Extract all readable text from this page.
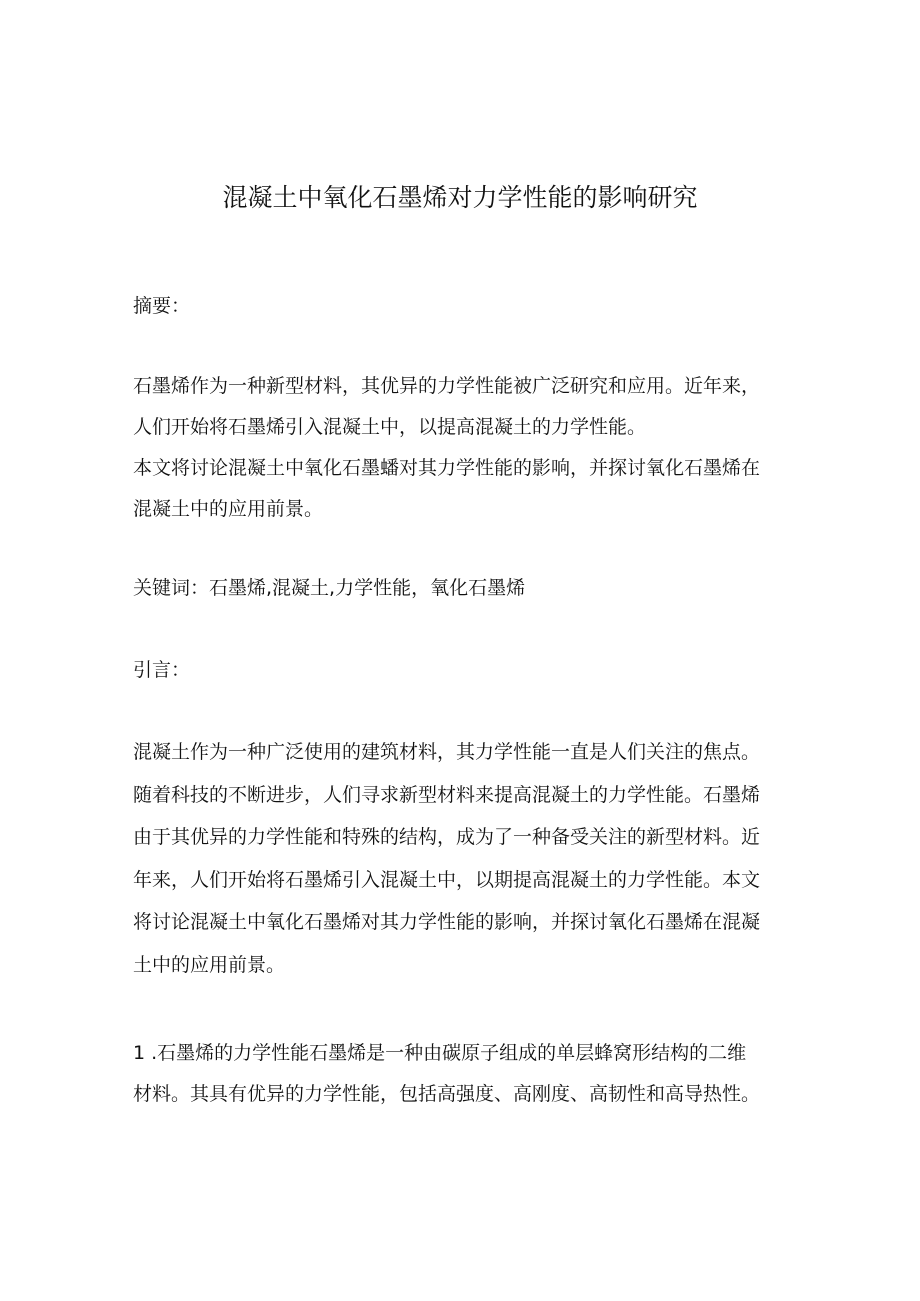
混凝土中氧化石墨烯对力学性能的影响研究

摘要：

石墨烯作为一种新型材料，其优异的力学性能被广泛研究和应用。近年来，
人们开始将石墨烯引入混凝土中，以提高混凝土的力学性能。

本文将讨论混凝土中氧化石墨蟠对其力学性能的影响，并探讨氧化石墨烯在
混凝土中的应用前景。

关键词：石墨烯,混凝土,力学性能，氧化石墨烯

引言：

混凝土作为一种广泛使用的建筑材料，其力学性能一直是人们关注的焦点。
随着科技的不断进步，人们寻求新型材料来提高混凝土的力学性能。石墨烯
由于其优异的力学性能和特殊的结构，成为了一种备受关注的新型材料。近
年来，人们开始将石墨烯引入混凝土中，以期提高混凝土的力学性能。本文
将讨论混凝土中氧化石墨烯对其力学性能的影响，并探讨氧化石墨烯在混凝
土中的应用前景。

1 .石墨烯的力学性能石墨烯是一种由碳原子组成的单层蜂窝形结构的二维
材料。其具有优异的力学性能，包括高强度、高刚度、高韧性和高导热性。
